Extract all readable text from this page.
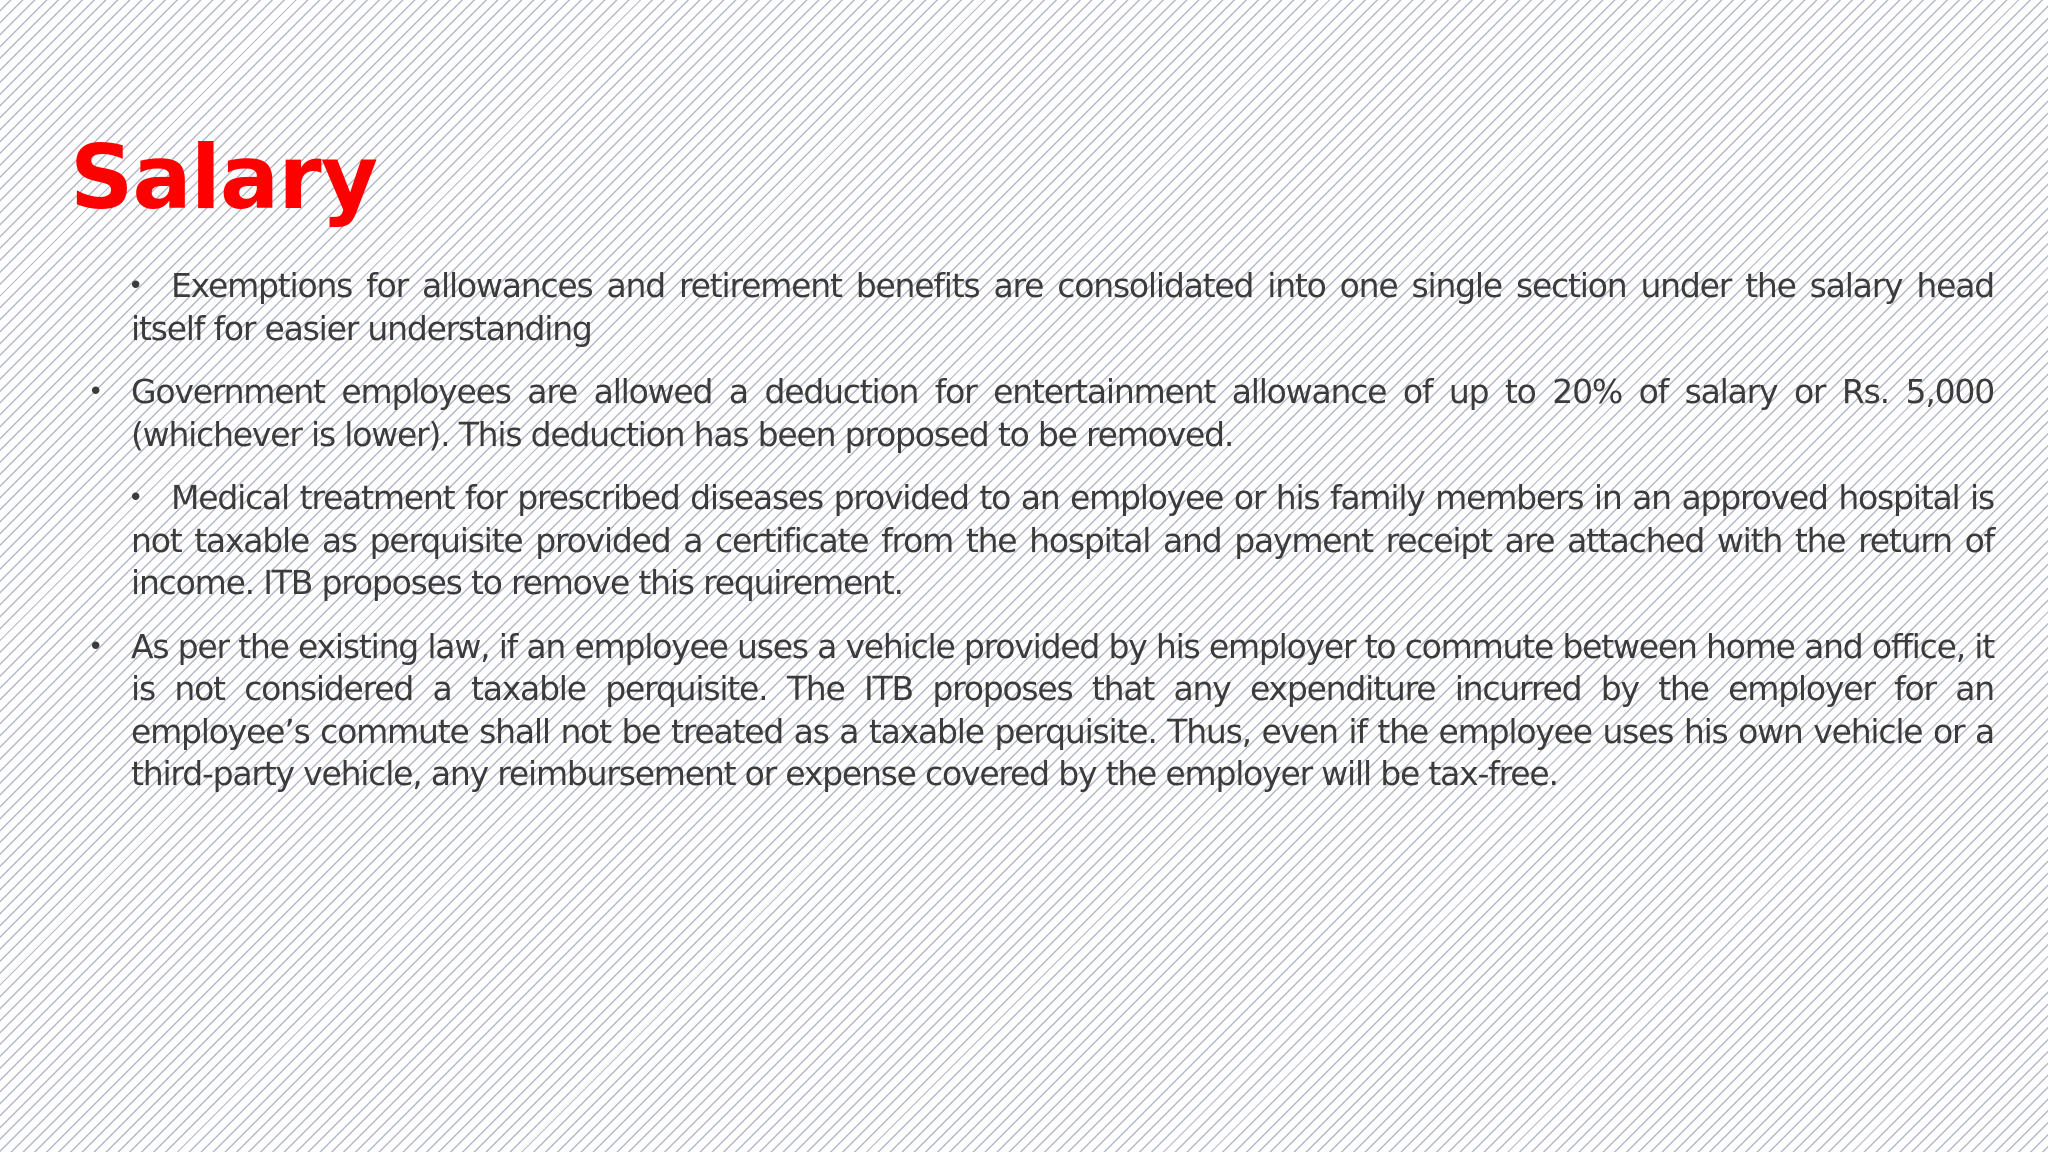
Salary
• Exemptions for allowances and retirement benefits are consolidated into one single section under the salary head itself for easier understanding
• Government employees are allowed a deduction for entertainment allowance of up to 20% of salary or Rs. 5,000 (whichever is lower). This deduction has been proposed to be removed.
• Medical treatment for prescribed diseases provided to an employee or his family members in an approved hospital is not taxable as perquisite provided a certificate from the hospital and payment receipt are attached with the return of income. ITB proposes to remove this requirement.
• As per the existing law, if an employee uses a vehicle provided by his employer to commute between home and office, it is not considered a taxable perquisite. The ITB proposes that any expenditure incurred by the employer for an employee’s commute shall not be treated as a taxable perquisite. Thus, even if the employee uses his own vehicle or a third-party vehicle, any reimbursement or expense covered by the employer will be tax-free.
